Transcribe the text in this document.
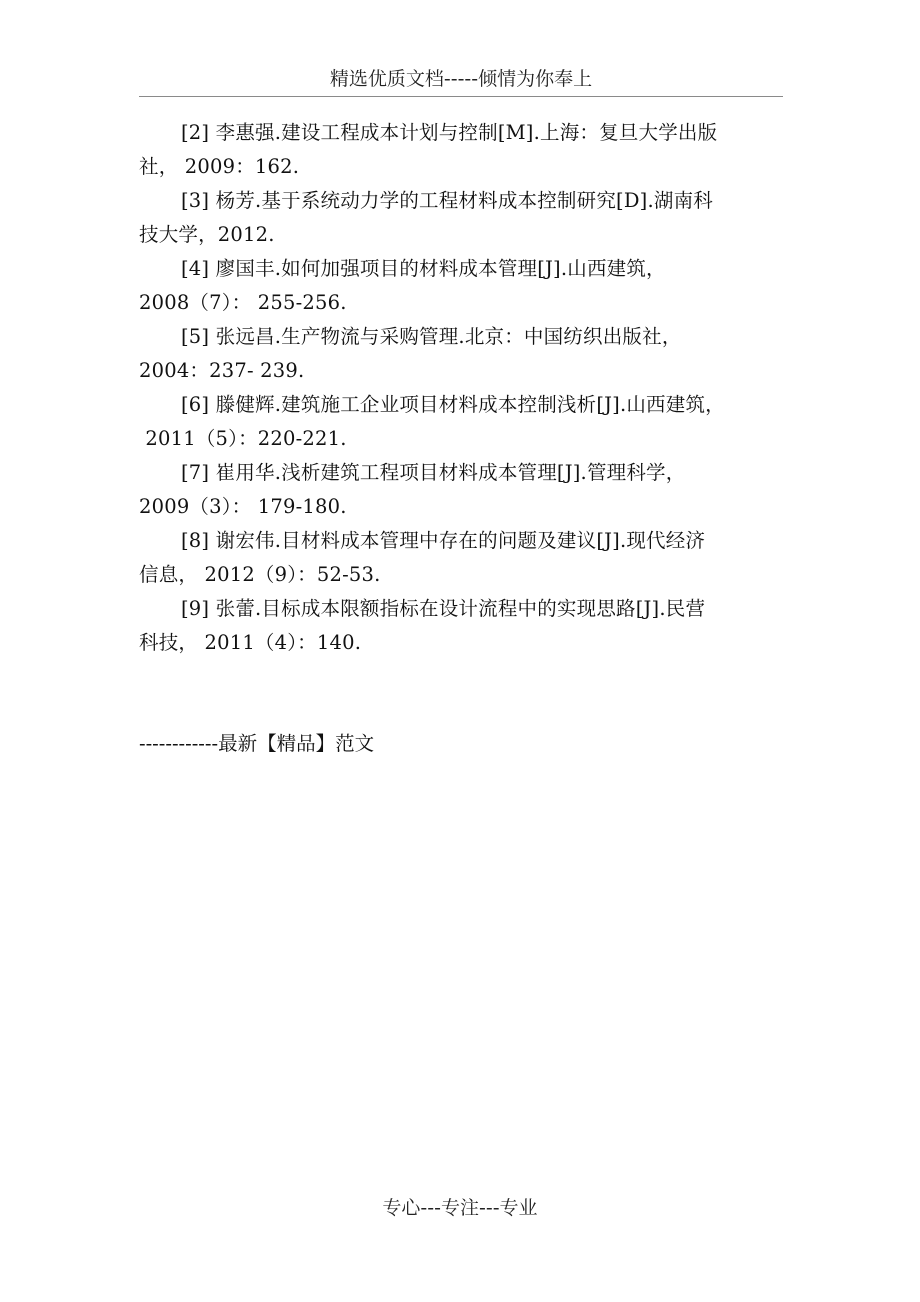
精选优质文档-----倾情为你奉上
[2] 李惠强.建设工程成本计划与控制[M].上海：复旦大学出版
社， 2009：162.
[3] 杨芳.基于系统动力学的工程材料成本控制研究[D].湖南科
技大学，2012.
[4] 廖国丰.如何加强项目的材料成本管理[J].山西建筑，
2008（7）： 255-256.
[5] 张远昌.生产物流与采购管理.北京：中国纺织出版社，
2004：237- 239.
[6] 滕健辉.建筑施工企业项目材料成本控制浅析[J].山西建筑，
2011（5）：220-221.
[7] 崔用华.浅析建筑工程项目材料成本管理[J].管理科学，
2009（3）： 179-180.
[8] 谢宏伟.目材料成本管理中存在的问题及建议[J].现代经济
信息， 2012（9）：52-53.
[9] 张蕾.目标成本限额指标在设计流程中的实现思路[J].民营
科技， 2011（4）：140.
------------最新【精品】范文
专心---专注---专业
